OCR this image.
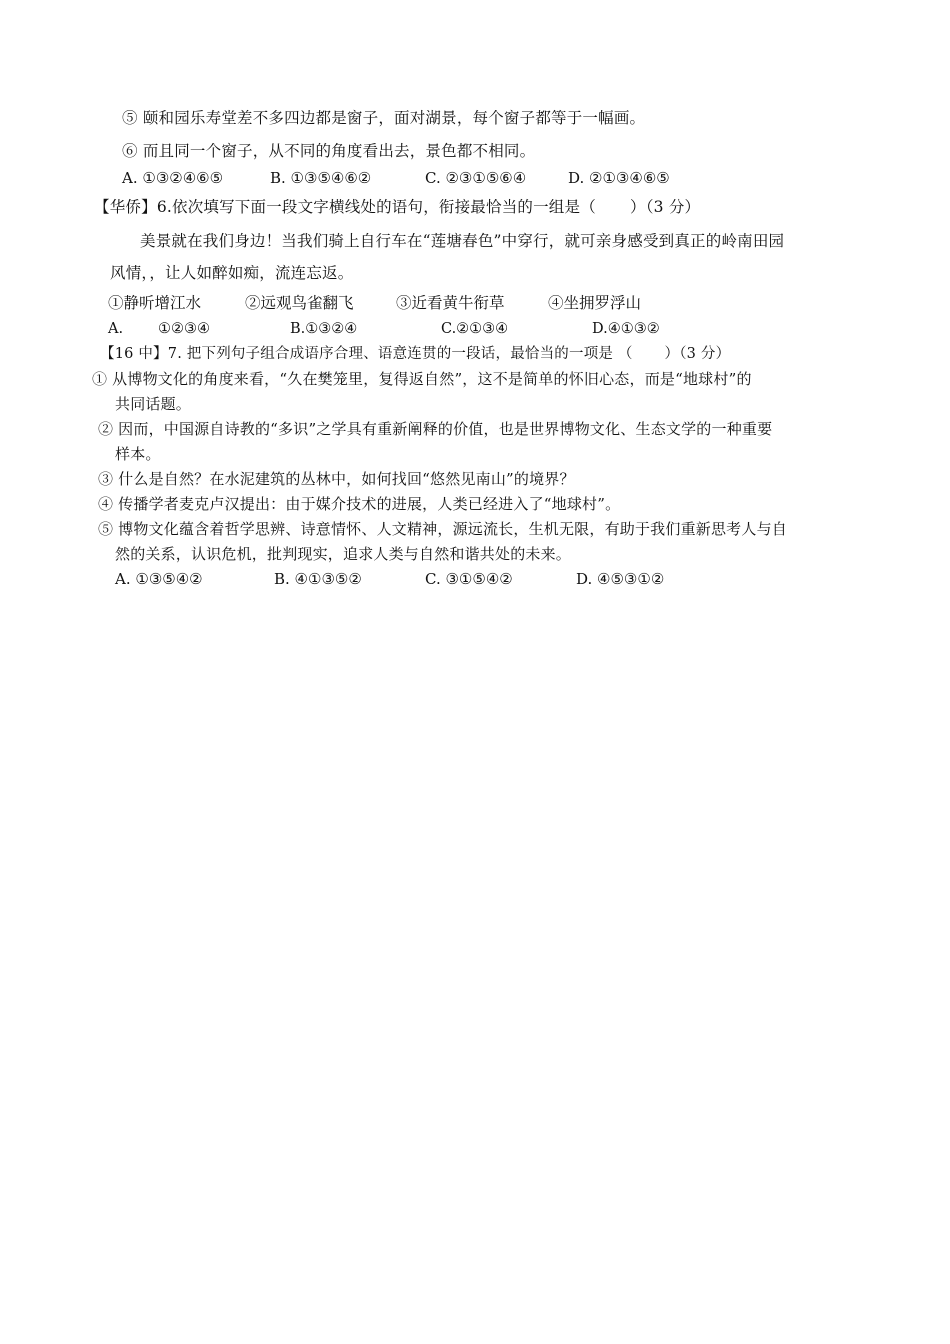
⑤ 颐和园乐寿堂差不多四边都是窗子，面对湖景，每个窗子都等于一幅画。
⑥ 而且同一个窗子，从不同的角度看出去，景色都不相同。
A. ①③②④⑥⑤	B. ①③⑤④⑥②	C. ②③①⑤⑥④	D. ②①③④⑥⑤
【华侨】6.依次填写下面一段文字横线处的语句，衔接最恰当的一组是（ ）（3 分）
美景就在我们身边！当我们骑上自行车在“莲塘春色”中穿行，就可亲身感受到真正的岭南田园
风情，，让人如醉如痴，流连忘返。
①静听增江水	②远观鸟雀翻飞	③近看黄牛衔草	④坐拥罗浮山
A. ①②③④	B.①③②④	C.②①③④	D.④①③②
【16 中】7. 把下列句子组合成语序合理、语意连贯的一段话，最恰当的一项是 （ ）（3 分）
① 从博物文化的角度来看，“久在樊笼里，复得返自然”，这不是简单的怀旧心态，而是“地球村”的
共同话题。
② 因而，中国源自诗教的“多识”之学具有重新阐释的价值，也是世界博物文化、生态文学的一种重要
样本。
③ 什么是自然？在水泥建筑的丛林中，如何找回“悠然见南山”的境界？
④ 传播学者麦克卢汉提出：由于媒介技术的进展，人类已经进入了“地球村”。
⑤ 博物文化蕴含着哲学思辨、诗意情怀、人文精神，源远流长，生机无限，有助于我们重新思考人与自
然的关系，认识危机，批判现实，追求人类与自然和谐共处的未来。
A. ①③⑤④②	B. ④①③⑤②	C. ③①⑤④②	D. ④⑤③①②
